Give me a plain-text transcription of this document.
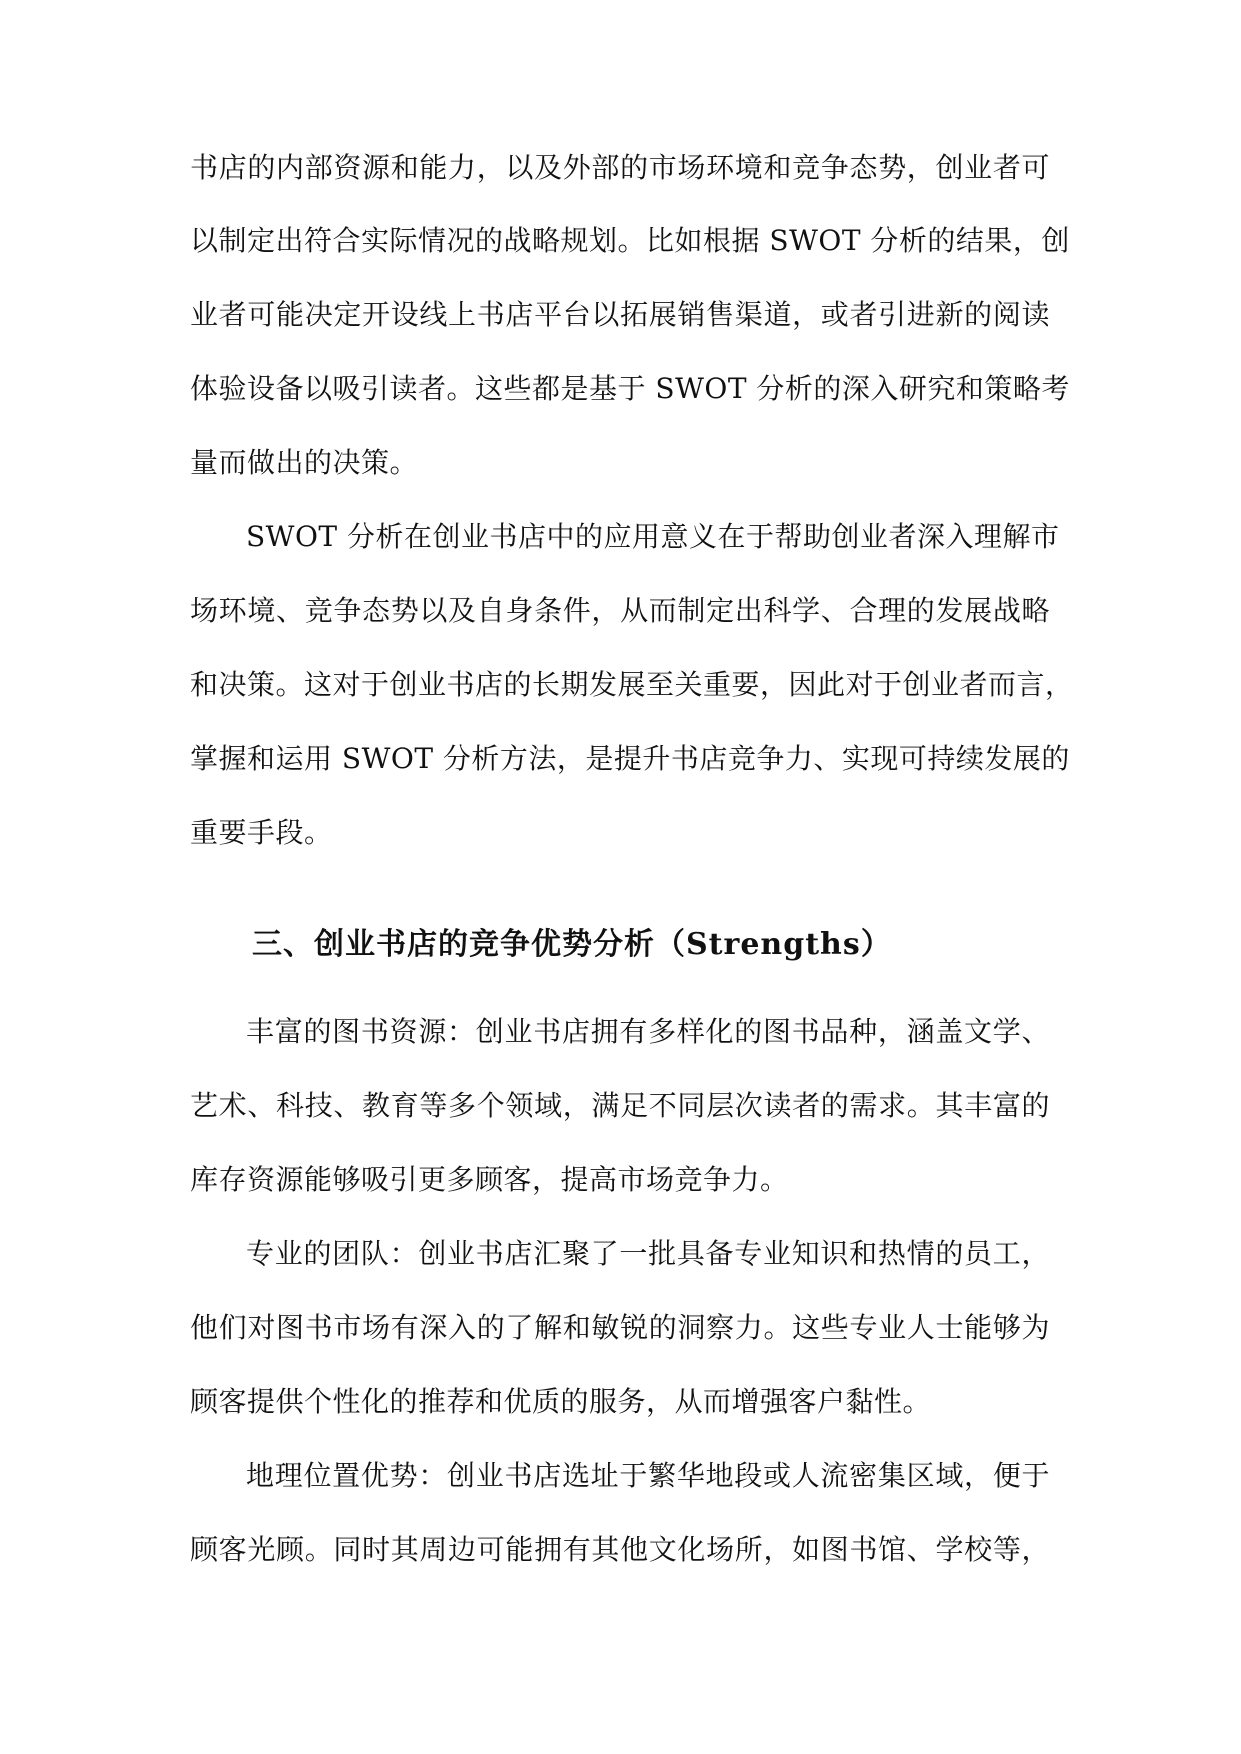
书店的内部资源和能力，以及外部的市场环境和竞争态势，创业者可
以制定出符合实际情况的战略规划。比如根据 SWOT 分析的结果，创
业者可能决定开设线上书店平台以拓展销售渠道，或者引进新的阅读
体验设备以吸引读者。这些都是基于 SWOT 分析的深入研究和策略考
量而做出的决策。
SWOT 分析在创业书店中的应用意义在于帮助创业者深入理解市
场环境、竞争态势以及自身条件，从而制定出科学、合理的发展战略
和决策。这对于创业书店的长期发展至关重要，因此对于创业者而言，
掌握和运用 SWOT 分析方法，是提升书店竞争力、实现可持续发展的
重要手段。
三、创业书店的竞争优势分析（Strengths）
丰富的图书资源：创业书店拥有多样化的图书品种，涵盖文学、
艺术、科技、教育等多个领域，满足不同层次读者的需求。其丰富的
库存资源能够吸引更多顾客，提高市场竞争力。
专业的团队：创业书店汇聚了一批具备专业知识和热情的员工，
他们对图书市场有深入的了解和敏锐的洞察力。这些专业人士能够为
顾客提供个性化的推荐和优质的服务，从而增强客户黏性。
地理位置优势：创业书店选址于繁华地段或人流密集区域，便于
顾客光顾。同时其周边可能拥有其他文化场所，如图书馆、学校等，
